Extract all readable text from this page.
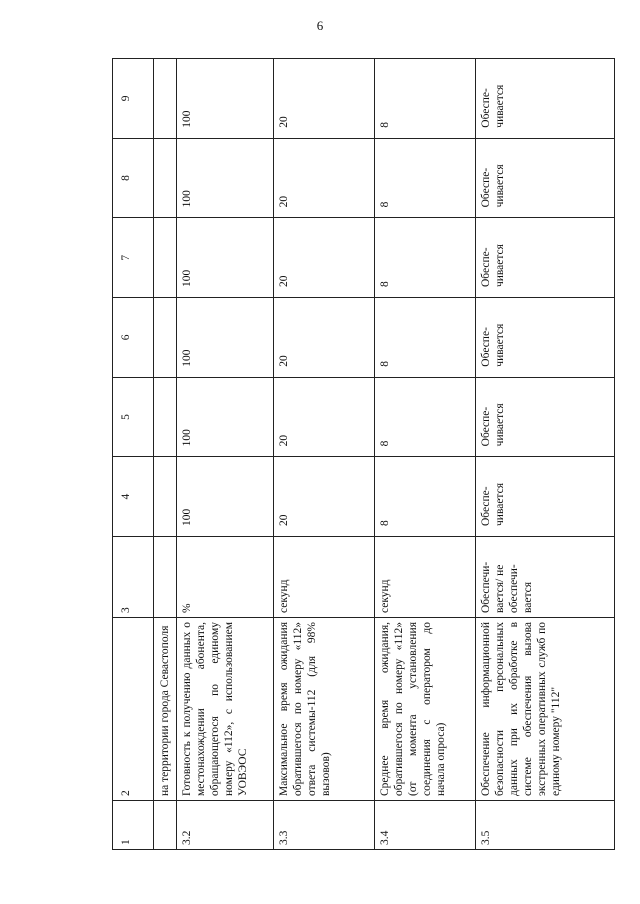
6
1	2	3	4	5	6	7	8	9
	на территории города Севастополя							
3.2	Готовность к получению данных о местонахождении абонента, обращающегося по единому номеру «112», с использованием УОВЭОС	%	100	100	100	100	100	100
3.3	Максимальное время ожидания обратившегося по номеру «112» ответа системы-112 (для 98% вызовов)	секунд	20	20	20	20	20	20
3.4	Среднее время ожидания, обратившегося по номеру «112» (от момента установления соединения с оператором до начала опроса)	секунд	8	8	8	8	8	8
3.5	Обеспечение информационной безопасности персональных данных при их обработке в системе обеспечения вызова экстренных оперативных служб по единому номеру "112"	Обеспечи-вается/ не обеспечи-вается	Обеспе-чивается	Обеспе-чивается	Обеспе-чивается	Обеспе-чивается	Обеспе-чивается	Обеспе-чивается
